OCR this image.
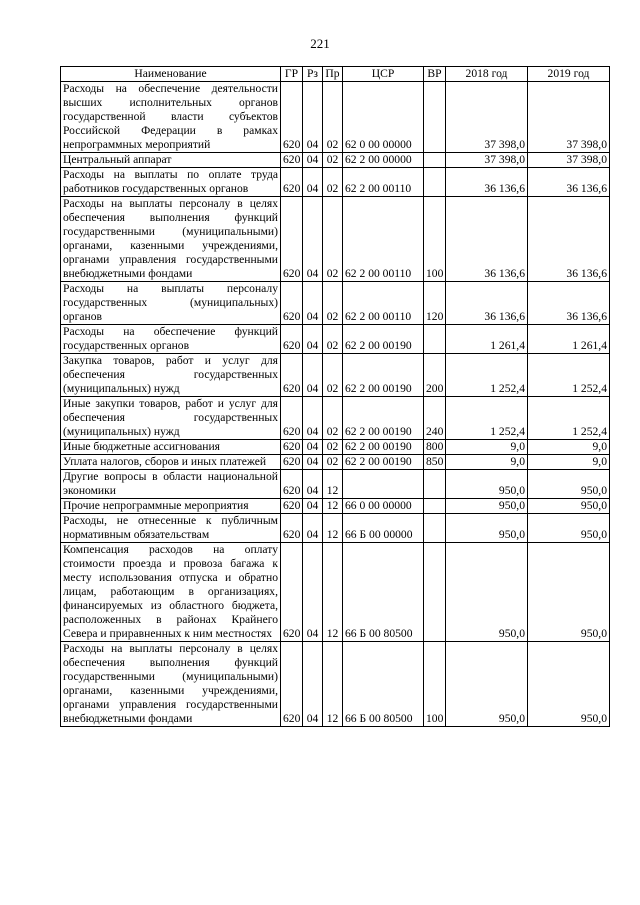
221
Наименование	ГР	Рз	Пр	ЦСР	ВР	2018 год	2019 год
Расходы на обеспечение деятельности высших исполнительных органов государственной власти субъектов Российской Федерации в рамках непрограммных мероприятий	620	04	02	62 0 00 00000		37 398,0	37 398,0
Центральный аппарат	620	04	02	62 2 00 00000		37 398,0	37 398,0
Расходы на выплаты по оплате труда работников государственных органов	620	04	02	62 2 00 00110		36 136,6	36 136,6
Расходы на выплаты персоналу в целях обеспечения выполнения функций государственными (муниципальными) органами, казенными учреждениями, органами управления государственными внебюджетными фондами	620	04	02	62 2 00 00110	100	36 136,6	36 136,6
Расходы на выплаты персоналу государственных (муниципальных) органов	620	04	02	62 2 00 00110	120	36 136,6	36 136,6
Расходы на обеспечение функций государственных органов	620	04	02	62 2 00 00190		1 261,4	1 261,4
Закупка товаров, работ и услуг для обеспечения государственных (муниципальных) нужд	620	04	02	62 2 00 00190	200	1 252,4	1 252,4
Иные закупки товаров, работ и услуг для обеспечения государственных (муниципальных) нужд	620	04	02	62 2 00 00190	240	1 252,4	1 252,4
Иные бюджетные ассигнования	620	04	02	62 2 00 00190	800	9,0	9,0
Уплата налогов, сборов и иных платежей	620	04	02	62 2 00 00190	850	9,0	9,0
Другие вопросы в области национальной экономики	620	04	12			950,0	950,0
Прочие непрограммные мероприятия	620	04	12	66 0 00 00000		950,0	950,0
Расходы, не отнесенные к публичным нормативным обязательствам	620	04	12	66 Б 00 00000		950,0	950,0
Компенсация расходов на оплату стоимости проезда и провоза багажа к месту использования отпуска и обратно лицам, работающим в организациях, финансируемых из областного бюджета, расположенных в районах Крайнего Севера и приравненных к ним местностях	620	04	12	66 Б 00 80500		950,0	950,0
Расходы на выплаты персоналу в целях обеспечения выполнения функций государственными (муниципальными) органами, казенными учреждениями, органами управления государственными внебюджетными фондами	620	04	12	66 Б 00 80500	100	950,0	950,0
